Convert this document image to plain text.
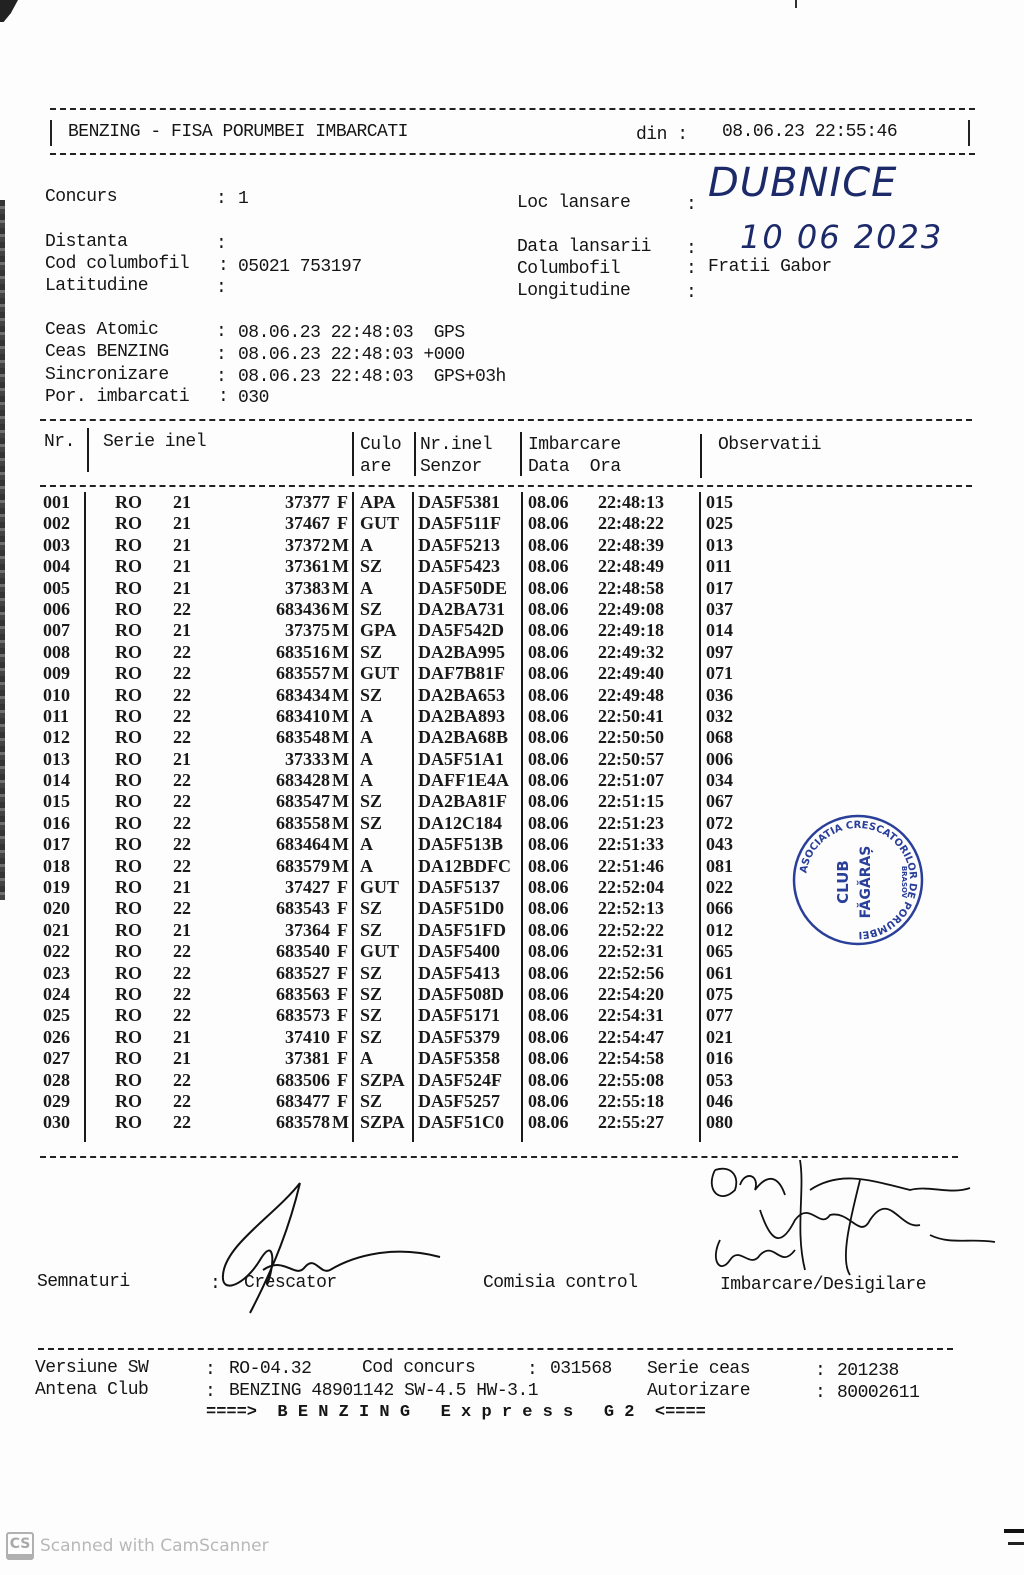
BENZING - FISA PORUMBEI IMBARCATI	din : 08.06.23 22:55:46
Concurs	: 1
Distanta	:
Cod columbofil : 05021 753197
Latitudine	:
Loc lansare	: DUBNICE
Data lansarii : 10 06 2023
Columbofil	: Fratii Gabor
Longitudine	:
Ceas Atomic	: 08.06.23 22:48:03  GPS
Ceas BENZING	: 08.06.23 22:48:03 +000
Sincronizare	: 08.06.23 22:48:03  GPS+03h
Por. imbarcati : 030
Nr. Serie inel	Culo
are
Nr.inel
Senzor
Imbarcare
Data  Ora
Observatii
001	RO 21	37377 F APA DA5F5381 08.06 22:48:13 015
002	RO 21	37467 F GUT DA5F511F 08.06 22:48:22 025
003	RO 21	37372 M A	DA5F5213 08.06 22:48:39 013
004	RO 21	37361 M SZ DA5F5423 08.06 22:48:49 011
005	RO 21	37383 M A	DA5F50DE 08.06 22:48:58 017
006	RO 22	683436 M SZ DA2BA731 08.06 22:49:08 037
007	RO 21	37375 M GPA DA5F542D 08.06 22:49:18 014
008	RO 22	683516 M SZ DA2BA995 08.06 22:49:32 097
009	RO 22	683557 M GUT DAF7B81F 08.06 22:49:40 071
010	RO 22	683434 M SZ DA2BA653 08.06 22:49:48 036
011	RO 22	683410 M A	DA2BA893 08.06 22:50:41 032
012	RO 22	683548 M A	DA2BA68B 08.06 22:50:50 068
013	RO 21	37333 M A	DA5F51A1 08.06 22:50:57 006
014	RO 22	683428 M A	DAFF1E4A 08.06 22:51:07 034
015	RO 22	683547 M SZ DA2BA81F 08.06 22:51:15 067
016	RO 22	683558 M SZ DA12C184 08.06 22:51:23 072
017	RO 22	683464 M A	DA5F513B 08.06 22:51:33 043
018	RO 22	683579 M A	DA12BDFC 08.06 22:51:46 081
019	RO 21	37427 F GUT DA5F5137 08.06 22:52:04 022
020	RO 22	683543 F SZ DA5F51D0 08.06 22:52:13 066
021	RO 21	37364 F SZ DA5F51FD 08.06 22:52:22 012
022	RO 22	683540 F GUT DA5F5400 08.06 22:52:31 065
023	RO 22	683527 F SZ DA5F5413 08.06 22:52:56 061
024	RO 22	683563 F SZ DA5F508D 08.06 22:54:20 075
025	RO 22	683573 F SZ DA5F5171 08.06 22:54:31 077
026	RO 21	37410 F SZ DA5F5379 08.06 22:54:47 021
027	RO 21	37381 F A	DA5F5358 08.06 22:54:58 016
028	RO 22	683506 F SZPA DA5F524F 08.06 22:55:08 053
029	RO 22	683477 F SZ DA5F5257 08.06 22:55:18 046
030	RO 22	683578 M SZPA DA5F51C0 08.06 22:55:27 080
ASOCIATIA CRESCATORILOR DE PORUMBEI
BRASOV
CLUB FĂGĂRAȘ
Semnaturi	: Crescator	Comisia control	Imbarcare/Desigilare
Versiune SW	: RO-04.32	Cod concurs	: 031568 Serie ceas	: 201238
Antena Club	: BENZING 48901142 SW-4.5 HW-3.1	Autorizare	: 80002611
====>  B E N Z I N G   E x p r e s s   G 2  <====
CS Scanned with CamScanner
